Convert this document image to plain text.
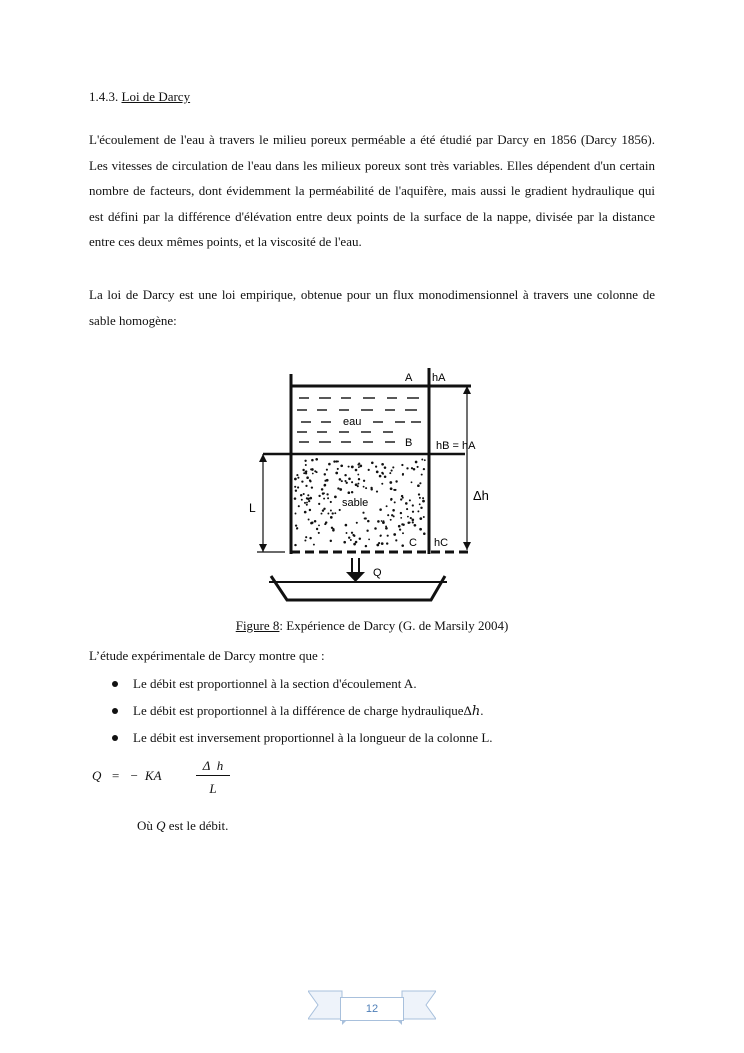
1.4.3. Loi de Darcy
L'écoulement de l'eau à travers le milieu poreux perméable a été étudié par Darcy en 1856 (Darcy 1856). Les vitesses de circulation de l'eau dans les milieux poreux sont très variables. Elles dépendent d'un certain nombre de facteurs, dont évidemment la perméabilité de l'aquifère, mais aussi le gradient hydraulique qui est défini par la différence d'élévation entre deux points de la surface de la nappe, divisée par la distance entre ces deux mêmes points, et la viscosité de l'eau.
La loi de Darcy est une loi empirique, obtenue pour un flux monodimensionnel à travers une colonne de sable homogène:
A hA
eau
B hB = hA
Δh
L	sable
C hC
Q
Figure 8: Expérience de Darcy (G. de Marsily 2004)
L’étude expérimentale de Darcy montre que :
Le débit est proportionnel à la section d'écoulement A.
Le débit est proportionnel à la différence de charge hydrauliqueΔℎ.
Le débit est inversement proportionnel à la longueur de la colonne L.
Q   =   −  KA
Δ  h
L
Où Q est le débit.
12
